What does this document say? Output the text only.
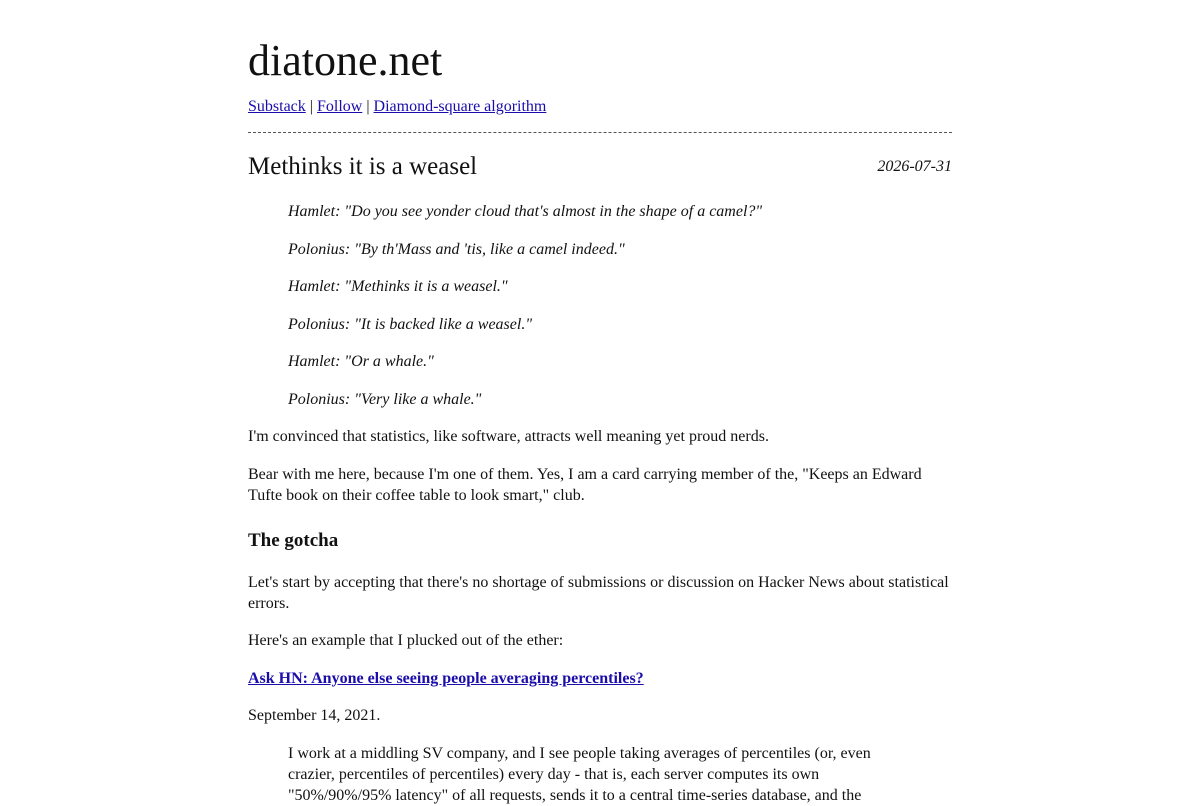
diatone.net
Substack | Follow | Diamond-square algorithm
Methinks it is a weasel	2026-07-31

Hamlet: "Do you see yonder cloud that's almost in the shape of a camel?"

Polonius: "By th'Mass and 'tis, like a camel indeed."

Hamlet: "Methinks it is a weasel."

Polonius: "It is backed like a weasel."

Hamlet: "Or a whale."

Polonius: "Very like a whale."

I'm convinced that statistics, like software, attracts well meaning yet proud nerds.

Bear with me here, because I'm one of them. Yes, I am a card carrying member of the, "Keeps an Edward Tufte book on their coffee table to look smart," club.

The gotcha

Let's start by accepting that there's no shortage of submissions or discussion on Hacker News about statistical errors.

Here's an example that I plucked out of the ether:

Ask HN: Anyone else seeing people averaging percentiles?

September 14, 2021.

I work at a middling SV company, and I see people taking averages of percentiles (or, even crazier, percentiles of percentiles) every day - that is, each server computes its own "50%/90%/95% latency" of all requests, sends it to a central time-series database, and the
